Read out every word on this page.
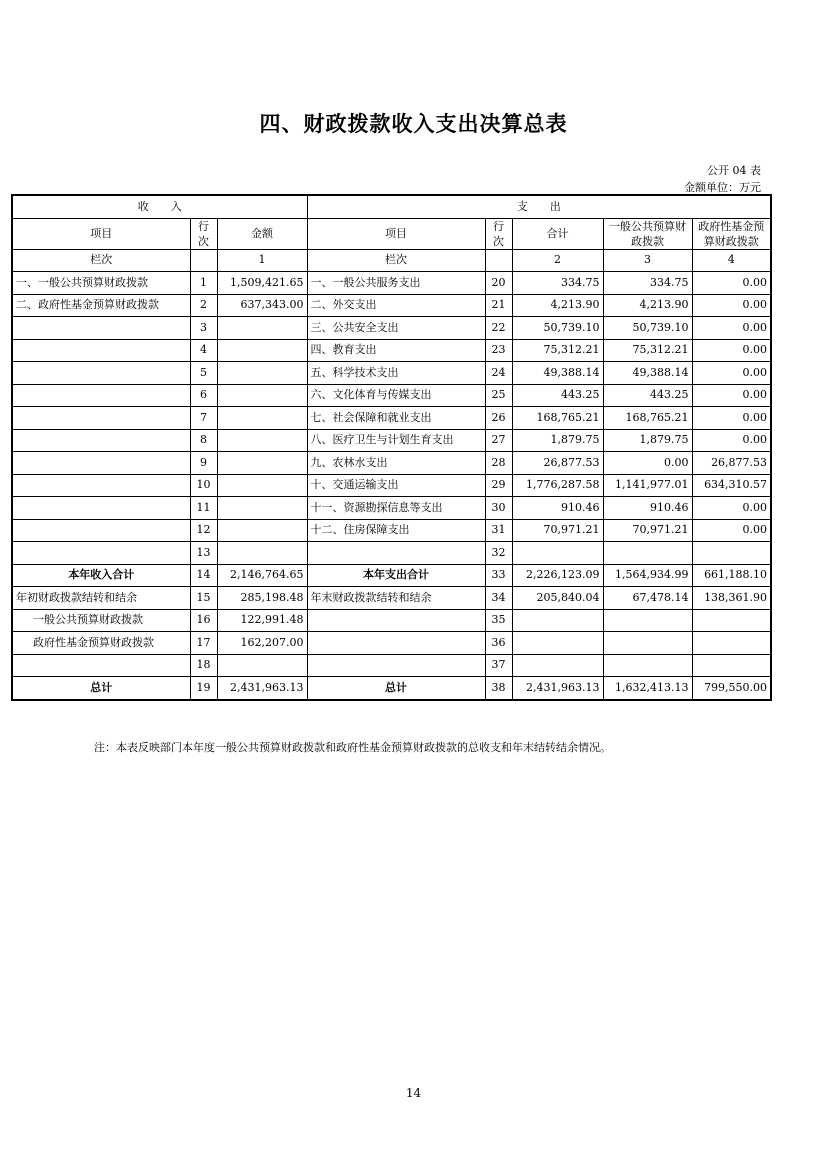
四、财政拨款收入支出决算总表
公开 04 表
金额单位：万元
收　　入			支　　出				
项目	行次	金额	项目	行次	合计	一般公共预算财政拨款	政府性基金预算财政拨款
栏次		1	栏次		2	3	4
一、一般公共预算财政拨款	1	1,509,421.65	一、一般公共服务支出	20	334.75	334.75	0.00
二、政府性基金预算财政拨款	2	637,343.00	二、外交支出	21	4,213.90	4,213.90	0.00
	3		三、公共安全支出	22	50,739.10	50,739.10	0.00
	4		四、教育支出	23	75,312.21	75,312.21	0.00
	5		五、科学技术支出	24	49,388.14	49,388.14	0.00
	6		六、文化体育与传媒支出	25	443.25	443.25	0.00
	7		七、社会保障和就业支出	26	168,765.21	168,765.21	0.00
	8		八、医疗卫生与计划生育支出	27	1,879.75	1,879.75	0.00
	9		九、农林水支出	28	26,877.53	0.00	26,877.53
	10		十、交通运输支出	29	1,776,287.58	1,141,977.01	634,310.57
	11		十一、资源勘探信息等支出	30	910.46	910.46	0.00
	12		十二、住房保障支出	31	70,971.21	70,971.21	0.00
	13			32			
本年收入合计	14	2,146,764.65	本年支出合计	33	2,226,123.09	1,564,934.99	661,188.10
年初财政拨款结转和结余	15	285,198.48	年末财政拨款结转和结余	34	205,840.04	67,478.14	138,361.90
一般公共预算财政拨款	16	122,991.48		35			
政府性基金预算财政拨款	17	162,207.00		36			
	18			37			
总计	19	2,431,963.13	总计	38	2,431,963.13	1,632,413.13	799,550.00
注：本表反映部门本年度一般公共预算财政拨款和政府性基金预算财政拨款的总收支和年末结转结余情况。
14
